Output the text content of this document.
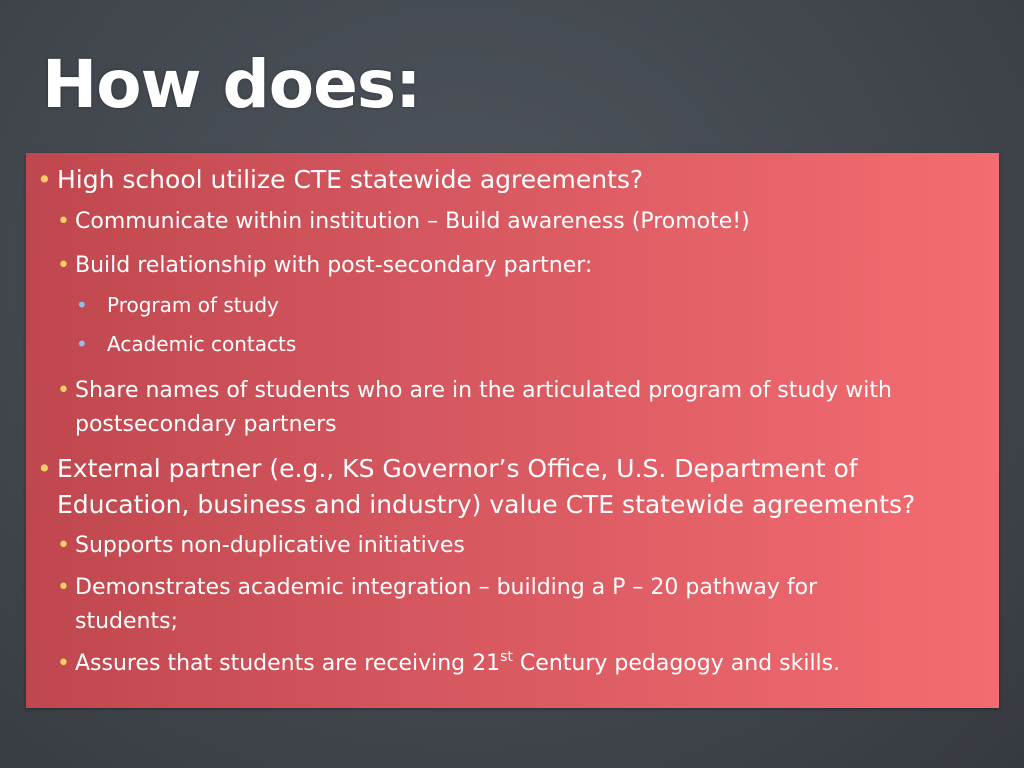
How does:
• High school utilize CTE statewide agreements?
• Communicate within institution – Build awareness (Promote!)
• Build relationship with post-secondary partner:
• Program of study
• Academic contacts
• Share names of students who are in the articulated program of study with
postsecondary partners
• External partner (e.g., KS Governor’s Office, U.S. Department of
Education, business and industry) value CTE statewide agreements?
• Supports non-duplicative initiatives
• Demonstrates academic integration – building a P – 20 pathway for
students;
• Assures that students are receiving 21st Century pedagogy and skills.
